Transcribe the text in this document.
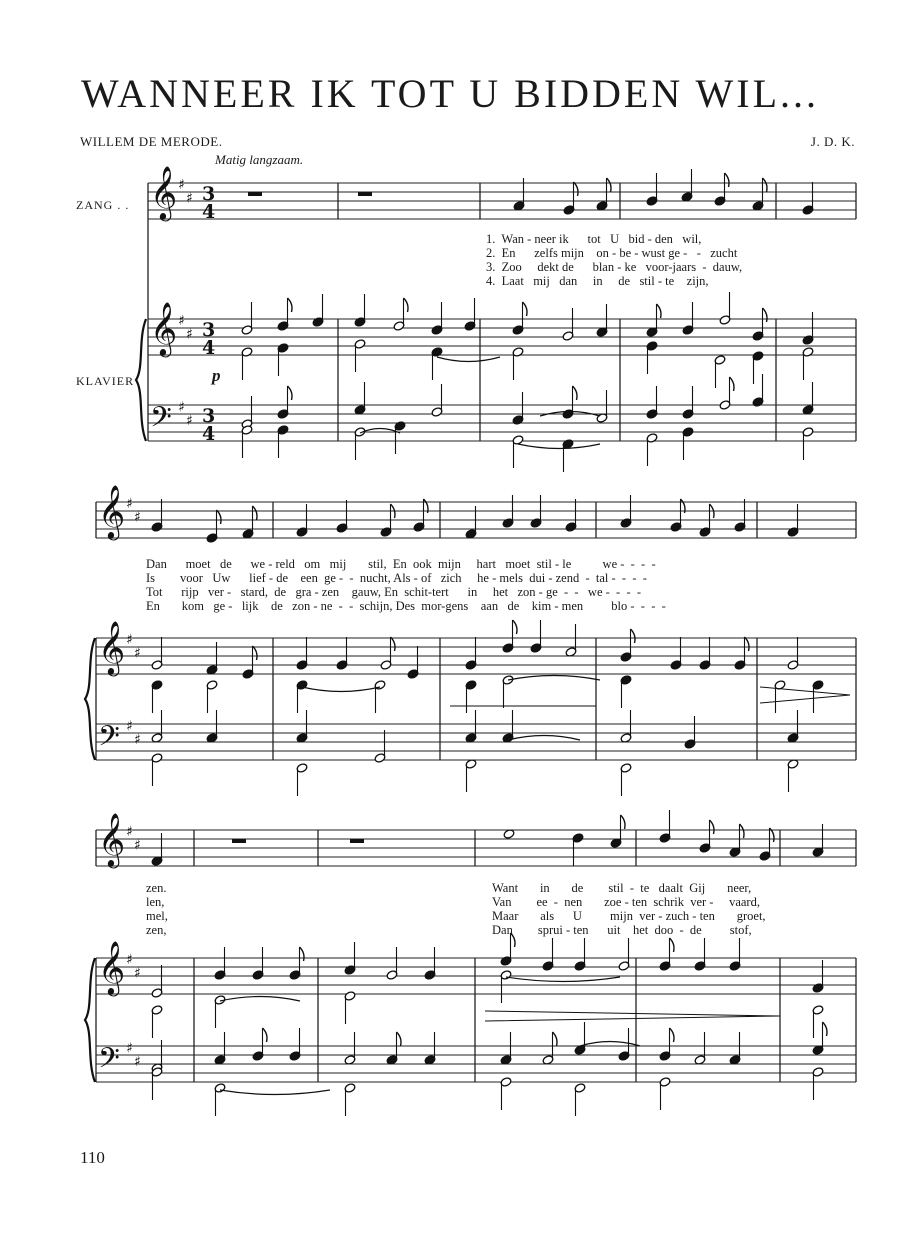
WANNEER IK TOT U BIDDEN WIL...
WILLEM DE MERODE.	J. D. K.
Matig langzaam.
ZANG . .
KLAVIER	p
1.  Wan - neer ik      tot   U   bid - den   wil,
2.  En      zelfs mijn    on - be - wust ge -   -   zucht
3.  Zoo     dekt de      blan - ke   voor-jaars  -  dauw,
4.  Laat   mij   dan     in     de   stil - te    zijn,
Dan      moet   de      we - reld   om   mij       stil,  En  ook  mijn     hart   moet  stil - le          we -  -  -  -
Is        voor   Uw      lief - de    een  ge -  -  nucht, Als - of   zich     he - mels  dui - zend  -  tal -  -  -  -
Tot      rijp   ver -   stard,  de   gra - zen    gauw, En  schit-tert      in     het   zon - ge  -  -   we -  -  -  -
En       kom   ge -   lijk    de   zon - ne  -  -  schijn, Des  mor-gens    aan   de    kim - men         blo -  -  -  -
zen.
len,
mel,
zen,
Want       in       de        stil  -  te   daalt  Gij       neer,
Van        ee  -  nen       zoe - ten  schrik  ver -     vaard,
Maar       als      U         mijn  ver - zuch - ten       groet,
Dan        sprui - ten      uit    het  doo  -  de         stof,
110
𝄞
𝄞
𝄢
♯
♯
♯
♯
♯
♯
3
4
3
4
3
4
𝄞
𝄞
𝄢
♯
♯
♯
♯
♯
♯
𝄞
𝄞
𝄢
♯
♯
♯
♯
♯
♯
